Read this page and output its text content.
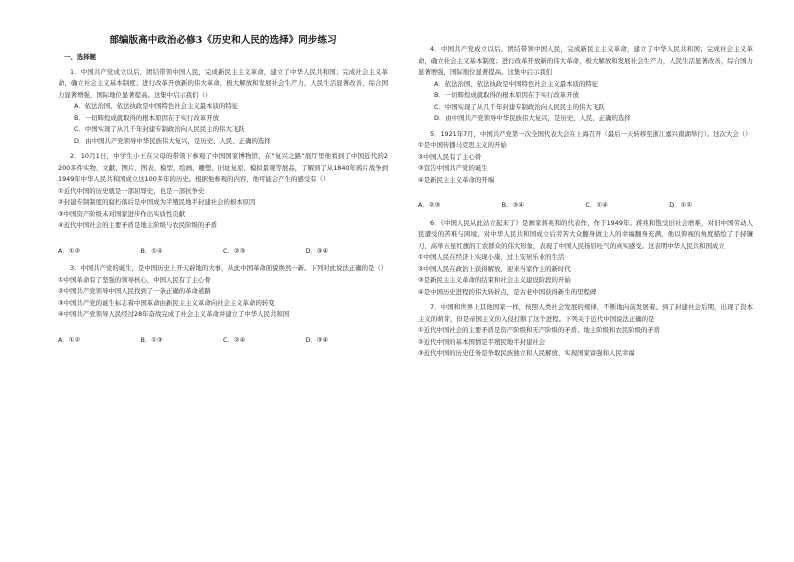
部编版高中政治必修3《历史和人民的选择》同步练习
一、选择题

1．中国共产党成立以后，团结带领中国人民，完成新民主主义革命，建立了中华人民共和国；完成社会主义革命，确立社会主义基本制度；进行改革开放新的伟大革命，极大解放和发展社会生产力，人民生活显著改善，综合国力显著增强，国际地位显著提高。这集中启示我们（）

A．依法治国、依法执政是中国特色社会主义最本质的特征

B．一切辉煌成就取得的根本原因在于实行改革开放

C．中国实现了从几千年封建专制政治向人民民主的伟大飞跃

D．由中国共产党领导中华民族伟大复兴，是历史、人民、正确的选择

2．10月1日，中学生小王在父母的带领下参观了中国国家博物馆，在“复兴之路”展厅里他看到了中国近代的2 200多件实物、文献、图片、图表、模型、绘画、雕塑、旧址复原、模拟景观等展品，了解到了从1840年鸦片战争到1949年中华人民共和国成立这100多年的历史。根据他参观的内容，他可能会产生的感受有（）

①近代中国的历史就是一部屈辱史，也是一部抗争史

②封建专制制度的腐朽落后是中国成为半殖民地半封建社会的根本原因

③中国资产阶级未对国家进步作出实质性贡献

④近代中国社会的主要矛盾是地主阶级与农民阶级的矛盾

A．①②	B．①④	C．②③	D．③④

3．中国共产党的诞生，是中国历史上开天辟地的大事，从此中国革命面貌焕然一新。下列对此说法正确的是（）

①中国革命有了坚强的领导核心，中国人民有了主心骨

②中国共产党领导中国人民找到了一条正确的革命道路

③中国共产党的诞生标志着中国革命由新民主主义革命向社会主义革命的转变

④中国共产党领导人民经过28年奋战完成了社会主义革命并建立了中华人民共和国

A．①②	B．①③	C．②④	D．③④

4．中国共产党成立以后，团结带领中国人民，完成新民主主义革命，建立了中华人民共和国；完成社会主义革命，确立社会主义基本制度；进行改革开放新的伟大革命，极大解放和发展社会生产力，人民生活显著改善，综合国力显著增强，国际地位显著提高。这集中启示我们

A．依法治国、依法执政是中国特色社会主义最本质的特征

B．一切辉煌成就取得的根本原因在于实行改革开放

C．中国实现了从几千年封建专制政治向人民民主的伟大飞跃

D．由中国共产党领导中华民族伟大复兴，是历史、人民、正确的选择

5．1921年7月，中国共产党第一次全国代表大会在上海召开（最后一天转移至浙江嘉兴南湖举行）。这次大会（）

①是中国传播马克思主义的开始

②中国人民有了主心骨

③宣告中国共产党的诞生

④是新民主主义革命的开端

A．②③	B．③④	C．①④	D．①②

6．《中国人民从此站立起来了》是画家蒋兆和的代表作，作于1949年。蒋兆和饱受旧社会磨难，对旧中国劳动人民遭受的苦难与困境，对中华人民共和国成立后劳苦大众翻身做主人的幸福翻身充满，他以仰视的角度描绘了手持镰刀、高举五星红旗的工农群众的伟大形象，表现了中国人民扬眉吐气的真实感受。这表明中华人民共和国成立

①中国人民在经济上实现小康，过上安居乐业的生活

②中国人民在政治上获得解放，迎来当家作主的新时代

③是新民主主义革命的结束和社会主义建设阶段的开始

④是中国历史进程的伟大转折点，是古老中国获得新生的里程碑

7．中国和世界上其他国家一样，按照人类社会发展的规律，不断地向前发展着。到了封建社会后期，出现了资本主义的萌芽，但是帝国主义的入侵打断了这个进程。下列关于近代中国说法正确的是

①近代中国社会的主要矛盾是资产阶级和无产阶级的矛盾、地主阶级和农民阶级的矛盾

②近代中国的基本国情是半殖民地半封建社会

③近代中国的历史任务是争取民族独立和人民解放、实现国家富强和人民幸福
